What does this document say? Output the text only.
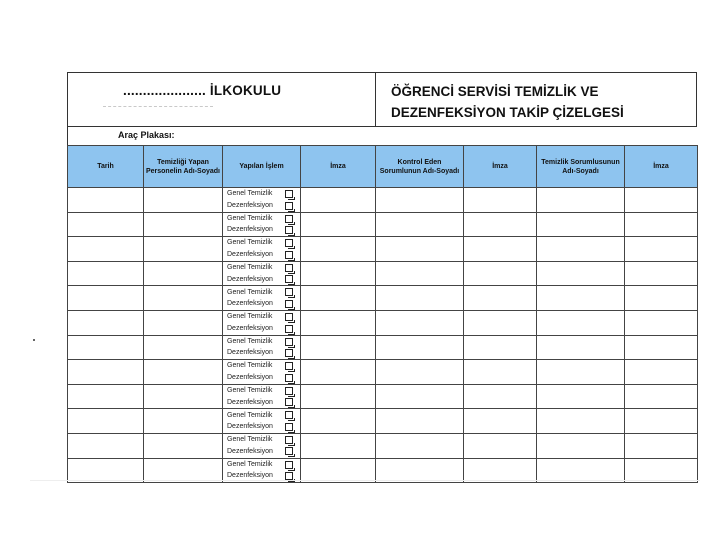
..................... İLKOKULU	ÖĞRENCİ SERVİSİ TEMİZLİK VE
DEZENFEKSİYON TAKİP ÇİZELGESİ
Araç Plakası:
Tarih	Temizliği Yapan Personelin Adı-Soyadı	Yapılan İşlem	İmza	Kontrol Eden Sorumlunun Adı-Soyadı	İmza	Temizlik Sorumlusunun Adı-Soyadı	İmza

		Genel Temizlik
Dezenfeksiyon					

		Genel Temizlik
Dezenfeksiyon					

		Genel Temizlik
Dezenfeksiyon					

		Genel Temizlik
Dezenfeksiyon					

		Genel Temizlik
Dezenfeksiyon					

		Genel Temizlik
Dezenfeksiyon					

		Genel Temizlik
Dezenfeksiyon					

		Genel Temizlik
Dezenfeksiyon					

		Genel Temizlik
Dezenfeksiyon					

		Genel Temizlik
Dezenfeksiyon					

		Genel Temizlik
Dezenfeksiyon					

		Genel Temizlik
Dezenfeksiyon					
